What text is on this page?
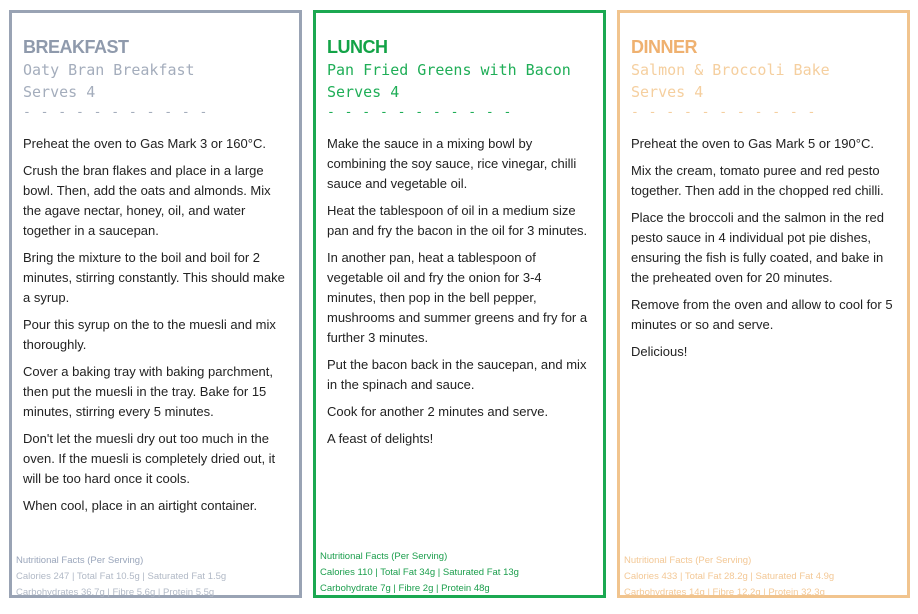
BREAKFAST
Oaty Bran Breakfast
Serves 4
- - - - - - - - - - -

Preheat the oven to Gas Mark 3 or 160°C.

Crush the bran flakes and place in a large bowl. Then, add the oats and almonds. Mix the agave nectar, honey, oil, and water together in a saucepan.

Bring the mixture to the boil and boil for 2 minutes, stirring constantly. This should make a syrup.

Pour this syrup on the to the muesli and mix thoroughly.

Cover a baking tray with baking parchment, then put the muesli in the tray. Bake for 15 minutes, stirring every 5 minutes.

Don't let the muesli dry out too much in the oven. If the muesli is completely dried out, it will be too hard once it cools.

When cool, place in an airtight container.

Nutritional Facts (Per Serving)
Calories 247 | Total Fat 10.5g | Saturated Fat 1.5g
Carbohydrates 36.7g | Fibre 5.6g | Protein 5.5g
LUNCH
Pan Fried Greens with Bacon
Serves 4
- - - - - - - - - - -

Make the sauce in a mixing bowl by combining the soy sauce, rice vinegar, chilli sauce and vegetable oil.

Heat the tablespoon of oil in a medium size pan and fry the bacon in the oil for 3 minutes.

In another pan, heat a tablespoon of vegetable oil and fry the onion for 3-4 minutes, then pop in the bell pepper, mushrooms and summer greens and fry for a further 3 minutes.

Put the bacon back in the saucepan, and mix in the spinach and sauce.

Cook for another 2 minutes and serve.

A feast of delights!

Nutritional Facts (Per Serving)
Calories 110 | Total Fat 34g | Saturated Fat 13g
Carbohydrate 7g | Fibre 2g | Protein 48g
DINNER
Salmon & Broccoli Bake
Serves 4
- - - - - - - - - - -

Preheat the oven to Gas Mark 5 or 190°C.

Mix the cream, tomato puree and red pesto together. Then add in the chopped red chilli.

Place the broccoli and the salmon in the red pesto sauce in 4 individual pot pie dishes, ensuring the fish is fully coated, and bake in the preheated oven for 20 minutes.

Remove from the oven and allow to cool for 5 minutes or so and serve.

Delicious!

Nutritional Facts (Per Serving)
Calories 433 | Total Fat 28.2g | Saturated Fat 4.9g
Carbohydrates 14g | Fibre 12.2g | Protein 32.3g
